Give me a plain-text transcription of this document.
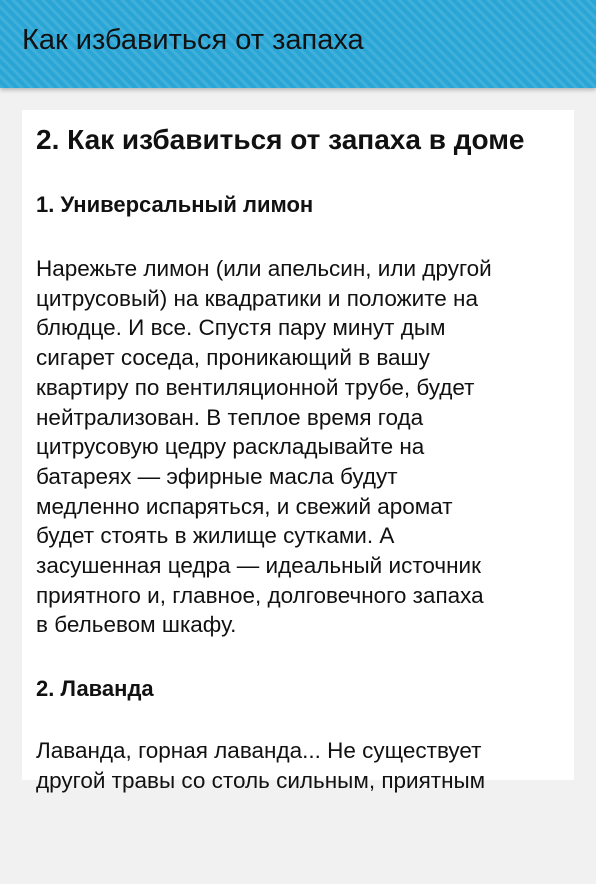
Как избавиться от запаха
2. Как избавиться от запаха в доме
1. Универсальный лимон
Нарежьте лимон (или апельсин, или другой
цитрусовый) на квадратики и положите на
блюдце. И все. Спустя пару минут дым
сигарет соседа, проникающий в вашу
квартиру по вентиляционной трубе, будет
нейтрализован. В теплое время года
цитрусовую цедру раскладывайте на
батареях — эфирные масла будут
медленно испаряться, и свежий аромат
будет стоять в жилище сутками. А
засушенная цедра — идеальный источник
приятного и, главное, долговечного запаха
в бельевом шкафу.
2. Лаванда
Лаванда, горная лаванда... Не существует
другой травы со столь сильным, приятным
